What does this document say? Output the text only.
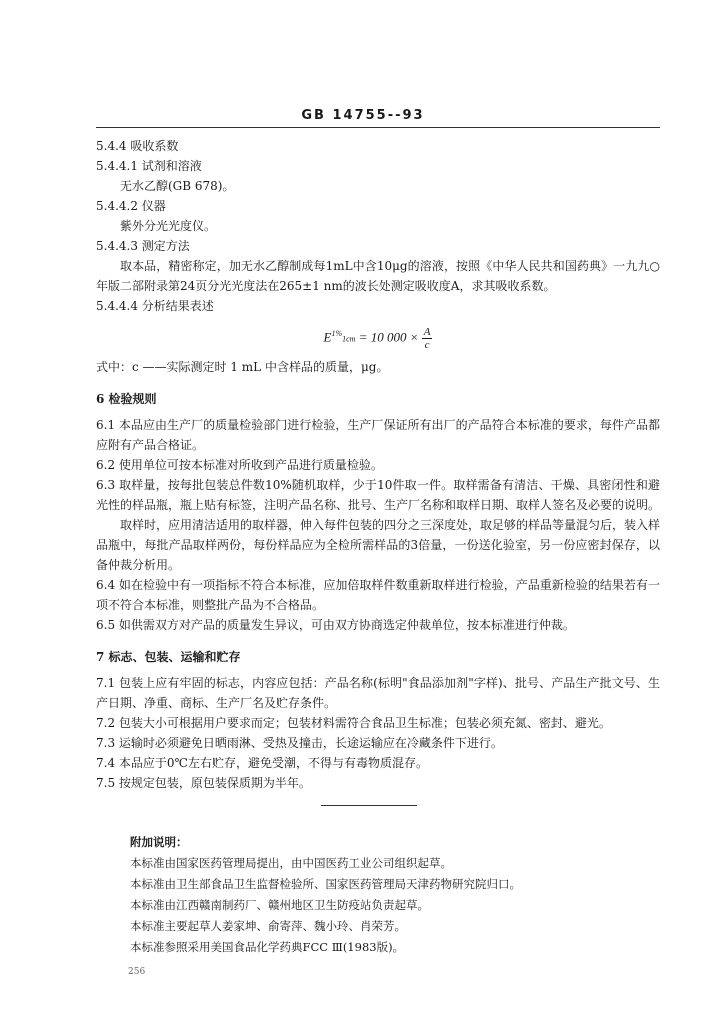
GB 14755--93

5.4.4 吸收系数

5.4.4.1 试剂和溶液

无水乙醇(GB 678)。

5.4.4.2 仪器

紫外分光光度仪。

5.4.4.3 测定方法

取本品，精密称定，加无水乙醇制成每1mL中含10μg的溶液，按照《中华人民共和国药典》一九九○年版二部附录第24页分光光度法在265±1 nm的波长处测定吸收度A，求其吸收系数。

5.4.4.4 分析结果表述

$E^{1\%}1cm = 10$ $000 \times \frac{A}{c}$

式中：c ——实际测定时 1 mL 中含样品的质量，μg。

6 检验规则

6.1 本品应由生产厂的质量检验部门进行检验，生产厂保证所有出厂的产品符合本标准的要求，每件产品都应附有产品合格证。

6.2 使用单位可按本标准对所收到产品进行质量检验。

6.3 取样量，按每批包装总件数10%随机取样，少于10件取一件。取样需备有清洁、干燥、具密闭性和避光性的样品瓶，瓶上贴有标签，注明产品名称、批号、生产厂名称和取样日期、取样人签名及必要的说明。

取样时，应用清洁适用的取样器，伸入每件包装的四分之三深度处，取足够的样品等量混匀后，装入样品瓶中，每批产品取样两份，每份样品应为全检所需样品的3倍量，一份送化验室，另一份应密封保存，以备仲裁分析用。

6.4 如在检验中有一项指标不符合本标准，应加倍取样件数重新取样进行检验，产品重新检验的结果若有一项不符合本标准，则整批产品为不合格品。

6.5 如供需双方对产品的质量发生异议，可由双方协商选定仲裁单位，按本标准进行仲裁。

7 标志、包装、运输和贮存

7.1 包装上应有牢固的标志，内容应包括：产品名称(标明"食品添加剂"字样)、批号、产品生产批文号、生产日期、净重、商标、生产厂名及贮存条件。

7.2 包装大小可根据用户要求而定；包装材料需符合食品卫生标准；包装必须充氮、密封、避光。

7.3 运输时必须避免日晒雨淋、受热及撞击，长途运输应在冷藏条件下进行。

7.4 本品应于0℃左右贮存，避免受潮，不得与有毒物质混存。

7.5 按规定包装，原包装保质期为半年。

附加说明：
本标准由国家医药管理局提出，由中国医药工业公司组织起草。
本标准由卫生部食品卫生监督检验所、国家医药管理局天津药物研究院归口。
本标准由江西赣南制药厂、赣州地区卫生防疫站负责起草。
本标准主要起草人姜家坤、俞寄萍、魏小玲、肖荣芳。
本标准参照采用美国食品化学药典FCC Ⅲ(1983版)。
256
